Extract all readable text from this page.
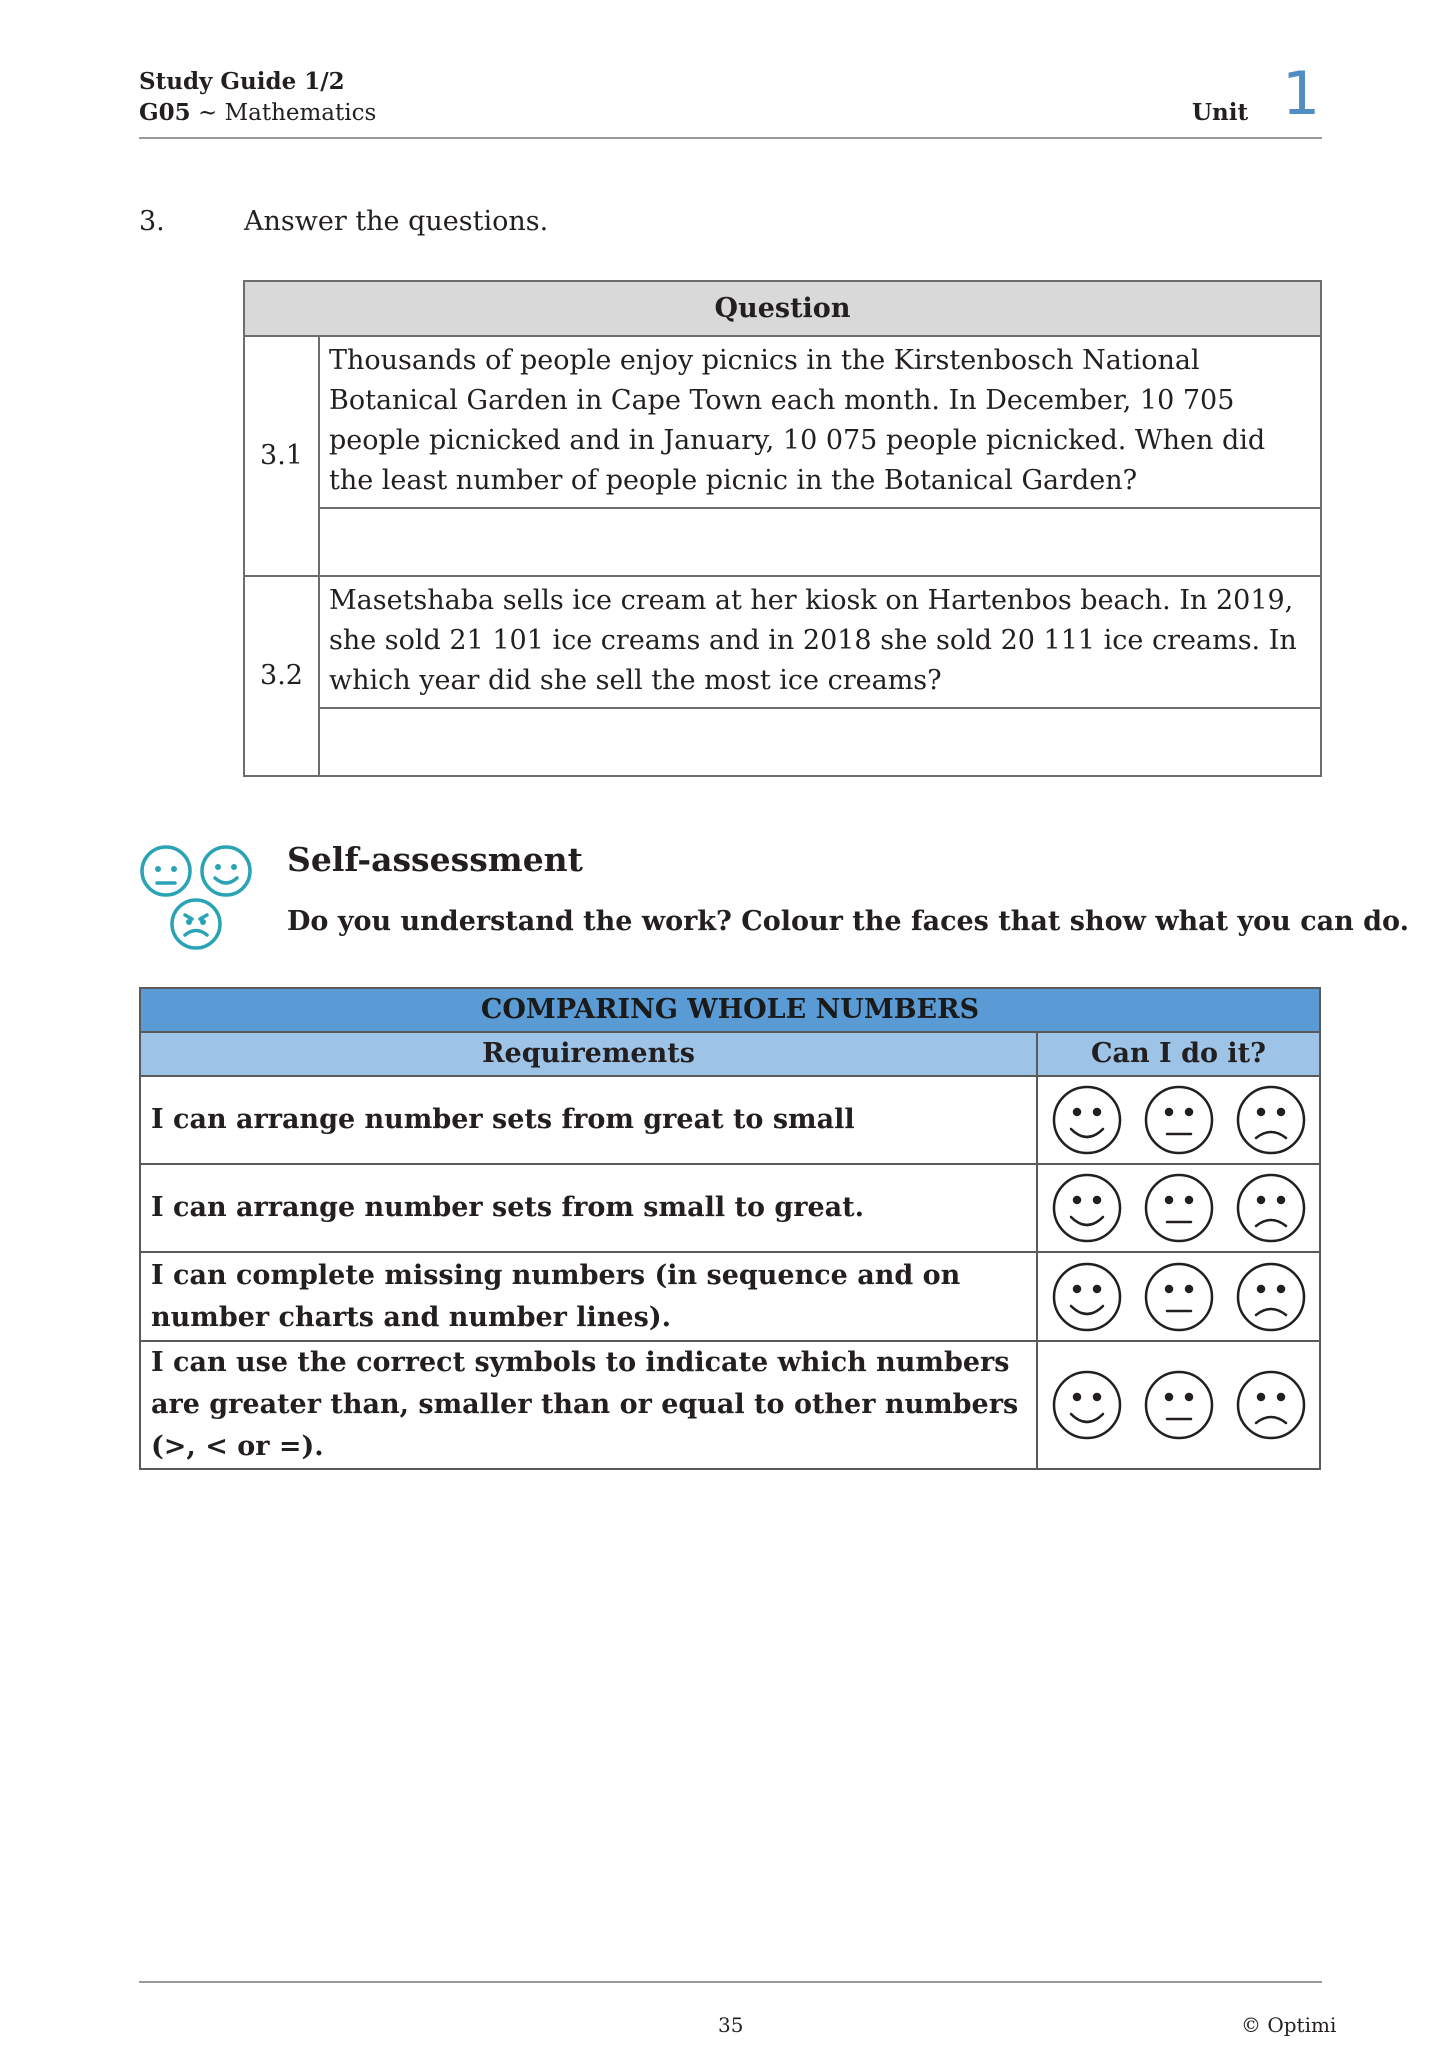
Study Guide 1/2
G05 ~ Mathematics	Unit 1
3.	Answer the questions.
Question	
3.1	Thousands of people enjoy picnics in the Kirstenbosch National Botanical Garden in Cape Town each month. In December, 10 705 people picnicked and in January, 10 075 people picnicked. When did the least number of people picnic in the Botanical Garden?

3.2	Masetshaba sells ice cream at her kiosk on Hartenbos beach. In 2019, she sold 21 101 ice creams and in 2018 she sold 20 111 ice creams. In which year did she sell the most ice creams?

Self-assessment
Do you understand the work? Colour the faces that show what you can do.
COMPARING WHOLE NUMBERS	
Requirements	Can I do it?
I can arrange number sets from great to small	

I can arrange number sets from small to great.	

I can complete missing numbers (in sequence and on number charts and number lines).	

I can use the correct symbols to indicate which numbers are greater than, smaller than or equal to other numbers (>, < or =).	
35	© Optimi
